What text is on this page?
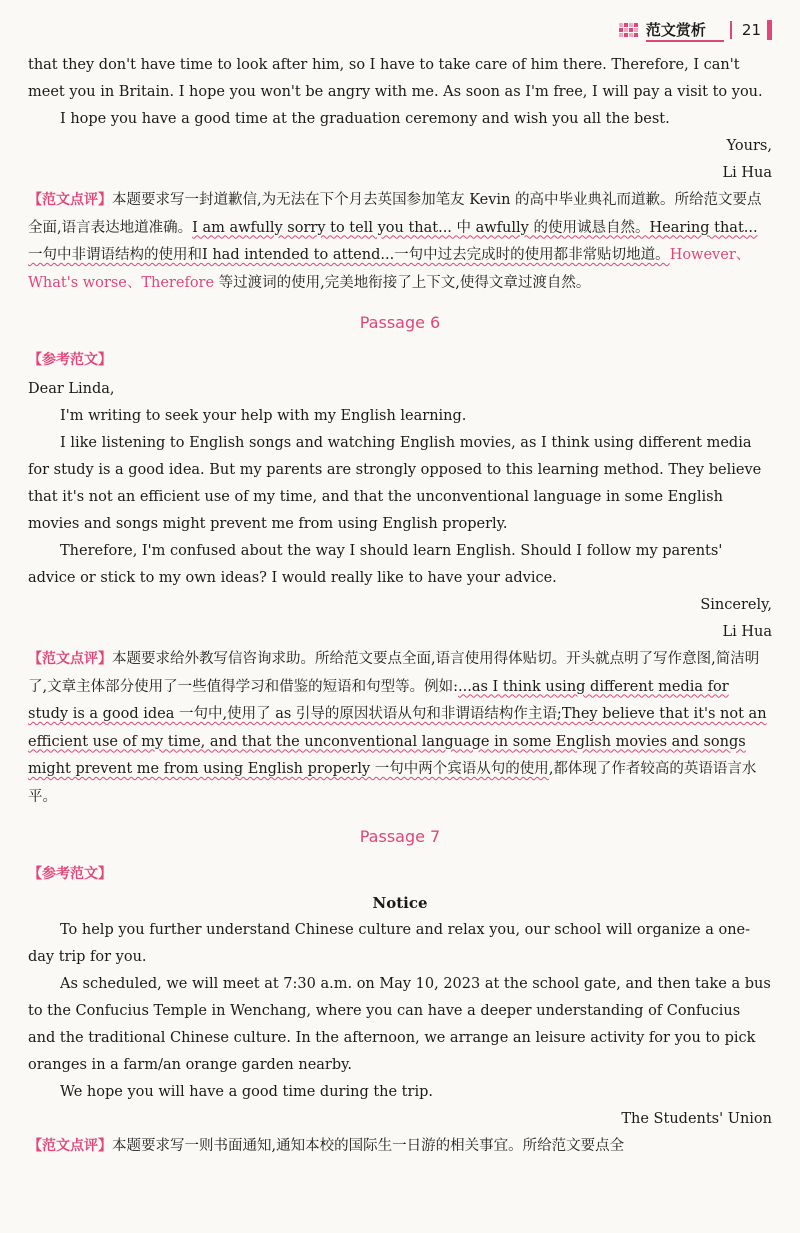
范文赏析	21

that they don't have time to look after him, so I have to take care of him there. Therefore, I can't meet you in Britain. I hope you won't be angry with me. As soon as I'm free, I will pay a visit to you.

I hope you have a good time at the graduation ceremony and wish you all the best.

Yours,

Li Hua

【范文点评】本题要求写一封道歉信,为无法在下个月去英国参加笔友 Kevin 的高中毕业典礼而道歉。所给范文要点全面,语言表达地道准确。I am awfully sorry to tell you that... 中 awfully 的使用诚恳自然。Hearing that...一句中非谓语结构的使用和I had intended to attend...一句中过去完成时的使用都非常贴切地道。However、What's worse、Therefore 等过渡词的使用,完美地衔接了上下文,使得文章过渡自然。

Passage 6

【参考范文】

Dear Linda,

I'm writing to seek your help with my English learning.

I like listening to English songs and watching English movies, as I think using different media for study is a good idea. But my parents are strongly opposed to this learning method. They believe that it's not an efficient use of my time, and that the unconventional language in some English movies and songs might prevent me from using English properly.

Therefore, I'm confused about the way I should learn English. Should I follow my parents' advice or stick to my own ideas? I would really like to have your advice.

Sincerely,

Li Hua

【范文点评】本题要求给外教写信咨询求助。所给范文要点全面,语言使用得体贴切。开头就点明了写作意图,简洁明了,文章主体部分使用了一些值得学习和借鉴的短语和句型等。例如:...as I think using different media for study is a good idea 一句中,使用了 as 引导的原因状语从句和非谓语结构作主语;They believe that it's not an efficient use of my time, and that the unconventional language in some English movies and songs might prevent me from using English properly 一句中两个宾语从句的使用,都体现了作者较高的英语语言水平。

Passage 7

【参考范文】

Notice

To help you further understand Chinese culture and relax you, our school will organize a one-day trip for you.

As scheduled, we will meet at 7:30 a.m. on May 10, 2023 at the school gate, and then take a bus to the Confucius Temple in Wenchang, where you can have a deeper understanding of Confucius and the traditional Chinese culture. In the afternoon, we arrange an leisure activity for you to pick oranges in a farm/an orange garden nearby.

We hope you will have a good time during the trip.

The Students' Union

【范文点评】本题要求写一则书面通知,通知本校的国际生一日游的相关事宜。所给范文要点全
